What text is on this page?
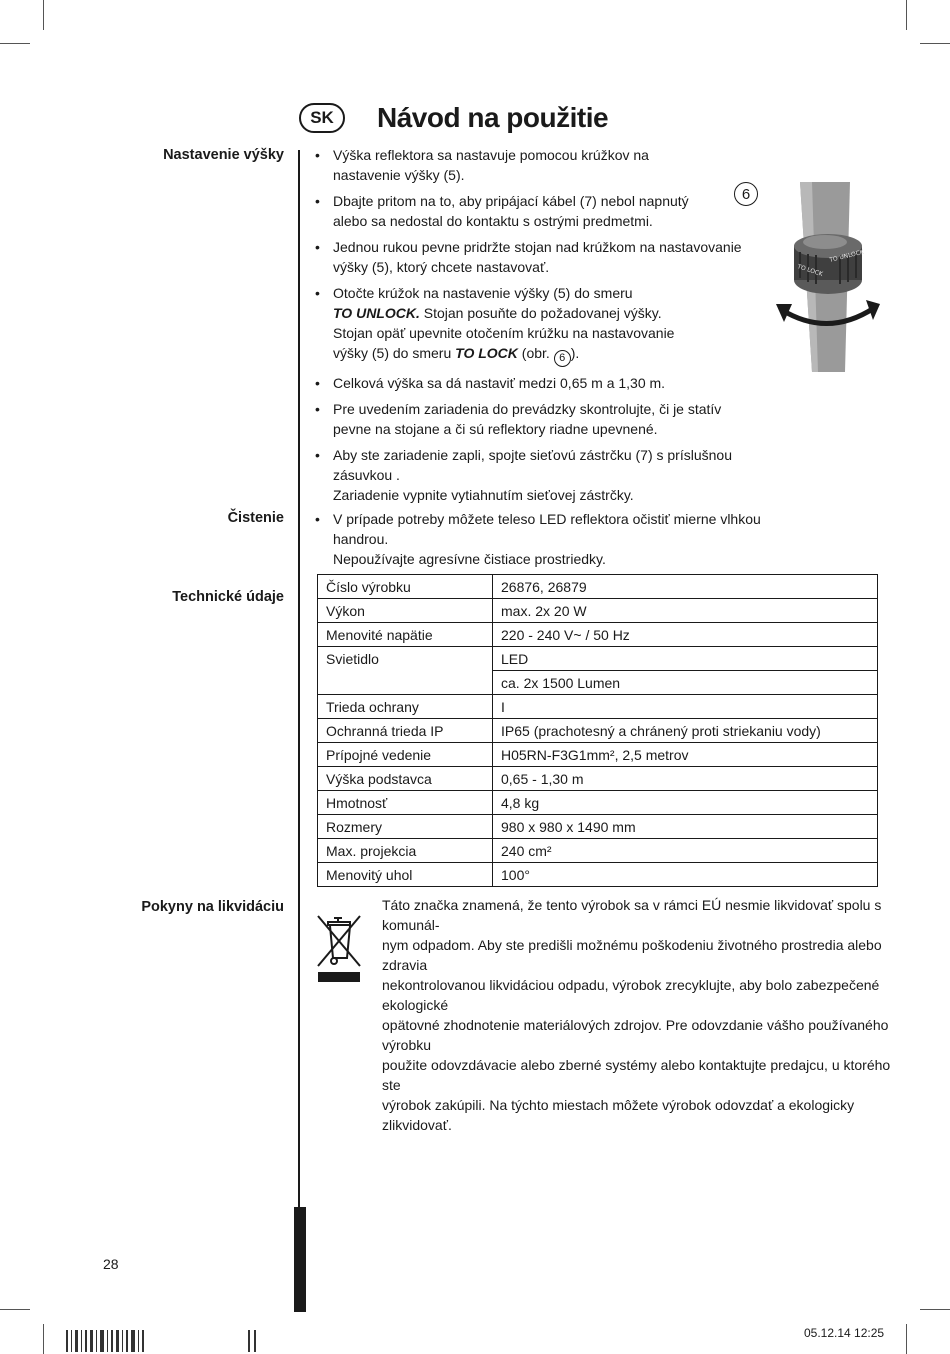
SK	Návod na použitie
Nastavenie výšky	• Výška reflektora sa nastavuje pomocou krúžkov na
nastavenie výšky (5).
• Dbajte pritom na to, aby pripájací kábel (7) nebol napnutý
alebo sa nedostal do kontaktu s ostrými predmetmi.
• Jednou rukou pevne pridržte stojan nad krúžkom na nastavovanie
výšky (5), ktorý chcete nastavovať.
• Otočte krúžok na nastavenie výšky (5) do smeru
TO UNLOCK. Stojan posuňte do požadovanej výšky.
Stojan opäť upevnite otočením krúžku na nastavovanie
výšky (5) do smeru TO LOCK (obr. 6 ).
• Celková výška sa dá nastaviť medzi 0,65 m a 1,30 m.
• Pre uvedením zariadenia do prevádzky skontrolujte, či je statív
pevne na stojane a či sú reflektory riadne upevnené.
• Aby ste zariadenie zapli, spojte sieťovú zástrčku (7) s príslušnou zásuvkou .
Zariadenie vypnite vytiahnutím sieťovej zástrčky.
6
TO LOCK
TO UNLOCK
Čistenie	• V prípade potreby môžete teleso LED reflektora očistiť mierne vlhkou handrou.
Nepoužívajte agresívne čistiace prostriedky.
Technické údaje
Číslo výrobku	26876, 26879
Výkon	max. 2x 20 W
Menovité napätie	220 - 240 V~ / 50 Hz
Svietidlo	LED
	ca. 2x 1500 Lumen
Trieda ochrany	I
Ochranná trieda IP	IP65 (prachotesný a chránený proti striekaniu vody)
Prípojné vedenie	H05RN-F3G1mm², 2,5 metrov
Výška podstavca	0,65 - 1,30 m
Hmotnosť	4,8 kg
Rozmery	980 x 980 x 1490 mm
Max. projekcia	240 cm²
Menovitý uhol	100°
Pokyny na likvidáciu	Táto značka znamená, že tento výrobok sa v rámci EÚ nesmie likvidovať spolu s komunál-
nym odpadom. Aby ste predišli možnému poškodeniu životného prostredia alebo zdravia
nekontrolovanou likvidáciou odpadu, výrobok zrecyklujte, aby bolo zabezpečené ekologické
opätovné zhodnotenie materiálových zdrojov. Pre odovzdanie vášho používaného výrobku
použite odovzdávacie alebo zberné systémy alebo kontaktujte predajcu, u ktorého ste
výrobok zakúpili. Na týchto miestach môžete výrobok odovzdať a ekologicky zlikvidovať.
28
05.12.14 12:25
